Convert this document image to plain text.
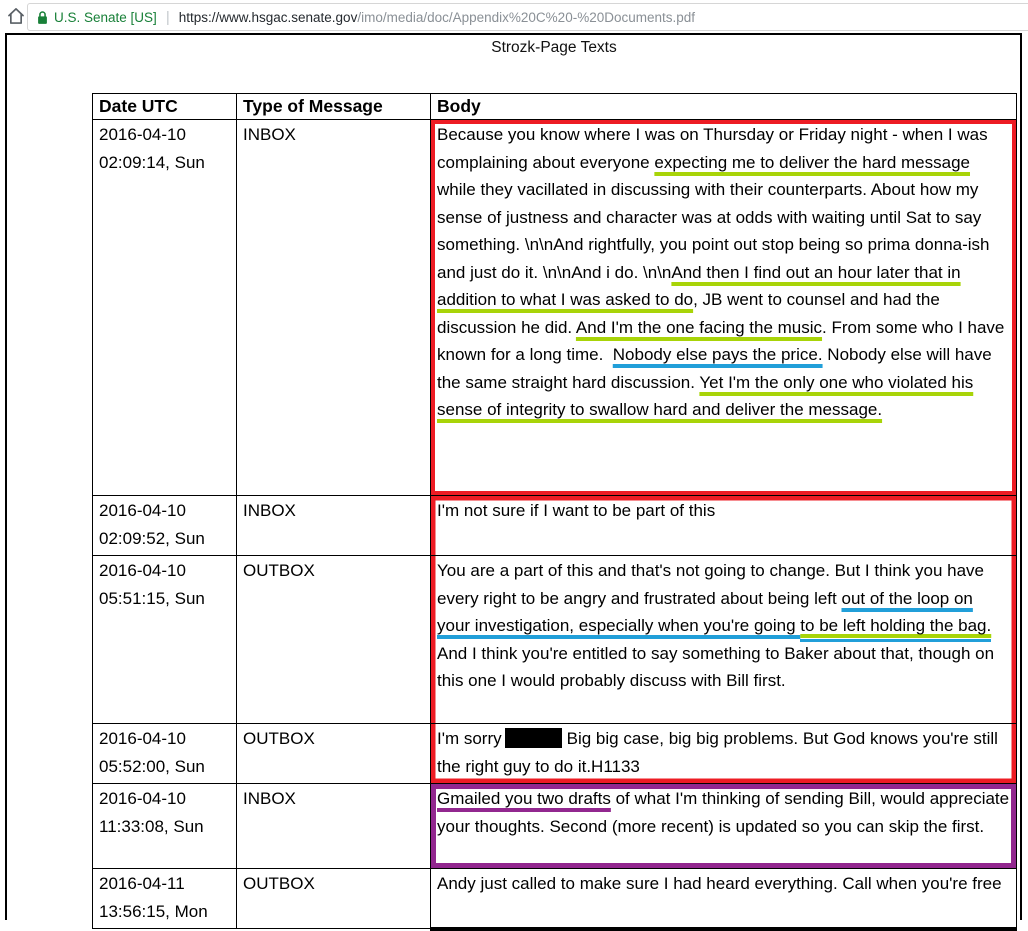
U.S. Senate [US] | https://www.hsgac.senate.gov /imo/media/doc/Appendix%20C%20-%20Documents.pdf
Strozk-Page Texts
Date UTC	Type of Message	Body

2016-04-10
02:09:14, Sun	INBOX	Because you know where I was on Thursday or Friday night - when I was complaining about everyone expecting me to deliver the hard message while they vacillated in discussing with their counterparts. About how my sense of justness and character was at odds with waiting until Sat to say something. \n\nAnd rightfully, you point out stop being so prima donna-ish and just do it. \n\nAnd i do. \n\nAnd then I find out an hour later that in addition to what I was asked to do, JB went to counsel and had the discussion he did. And I'm the one facing the music. From some who I have known for a long time.  Nobody else pays the price. Nobody else will have the same straight hard discussion. Yet I'm the only one who violated his sense of integrity to swallow hard and deliver the message.

2016-04-10
02:09:52, Sun	INBOX	I'm not sure if I want to be part of this

2016-04-10
05:51:15, Sun	OUTBOX	You are a part of this and that's not going to change. But I think you have every right to be angry and frustrated about being left out of the loop on your investigation, especially when you're going to be left holding the bag. And I think you're entitled to say something to Baker about that, though on this one I would probably discuss with Bill first.

2016-04-10
05:52:00, Sun	OUTBOX	I'm sorry Big big case, big big problems. But God knows you're still the right guy to do it.H1133

2016-04-10
11:33:08, Sun	INBOX	Gmailed you two drafts of what I'm thinking of sending Bill, would appreciate your thoughts. Second (more recent) is updated so you can skip the first.

2016-04-11
13:56:15, Mon	OUTBOX	Andy just called to make sure I had heard everything. Call when you're free
